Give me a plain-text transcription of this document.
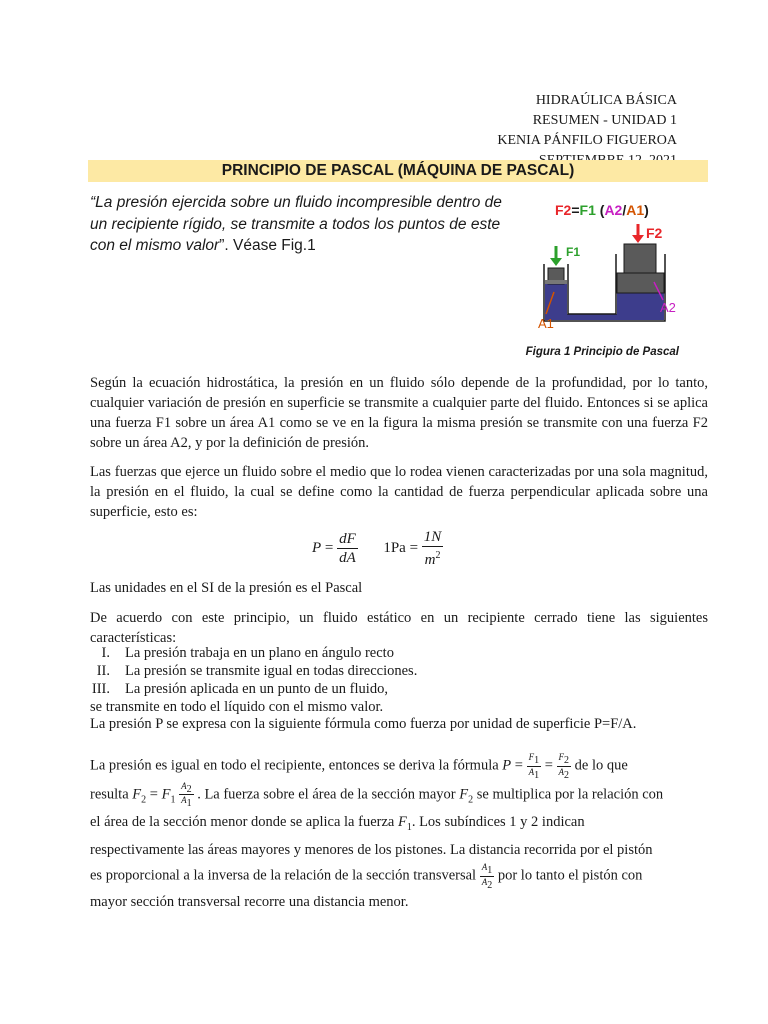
HIDRAÚLICA BÁSICA
RESUMEN - UNIDAD 1
KENIA PÁNFILO FIGUEROA
PRINCIPIO DE PASCAL (MÁQUINA DE PASCAL)
“La presión ejercida sobre un fluido incompresible dentro de un recipiente rígido, se transmite a todos los puntos de este con el mismo valor”. Véase Fig.1
F2=F1 (A2/A1)
F1
F2
A1
A2
Figura 1 Principio de Pascal
Según la ecuación hidrostática, la presión en un fluido sólo depende de la profundidad, por lo tanto, cualquier variación de presión en superficie se transmite a cualquier parte del fluido. Entonces si se aplica una fuerza F1 sobre un área A1 como se ve en la figura la misma presión se transmite con una fuerza F2 sobre un área A2, y por la definición de presión.
Las fuerzas que ejerce un fluido sobre el medio que lo rodea vienen caracterizadas por una sola magnitud, la presión en el fluido, la cual se define como la cantidad de fuerza perpendicular aplicada sobre una superficie, esto es:
$P = \frac{dF}{dA} 1Pa = \frac{1N}{m^2}$
Las unidades en el SI de la presión es el Pascal
De acuerdo con este principio, un fluido estático en un recipiente cerrado tiene las siguientes características:
I. La presión trabaja en un plano en ángulo recto
II. La presión se transmite igual en todas direcciones.
III. La presión aplicada en un punto de un fluido,
se transmite en todo el líquido con el mismo valor.
La presión P se expresa con la siguiente fórmula como fuerza por unidad de superficie P=F/A.
La presión es igual en todo el recipiente, entonces se deriva la fórmula $P = \frac{F_1}{A_1} = \frac{F_2}{A_2}$ de lo que
resulta $F_2 = F_1 \frac{A_2}{A_1}$ . La fuerza sobre el área de la sección mayor $F_2$ se multiplica por la relación con
el área de la sección menor donde se aplica la fuerza $F_1$. Los subíndices 1 y 2 indican
respectivamente las áreas mayores y menores de los pistones. La distancia recorrida por el pistón
es proporcional a la inversa de la relación de la sección transversal $\frac{A_1}{A_2}$ por lo tanto el pistón con
mayor sección transversal recorre una distancia menor.
